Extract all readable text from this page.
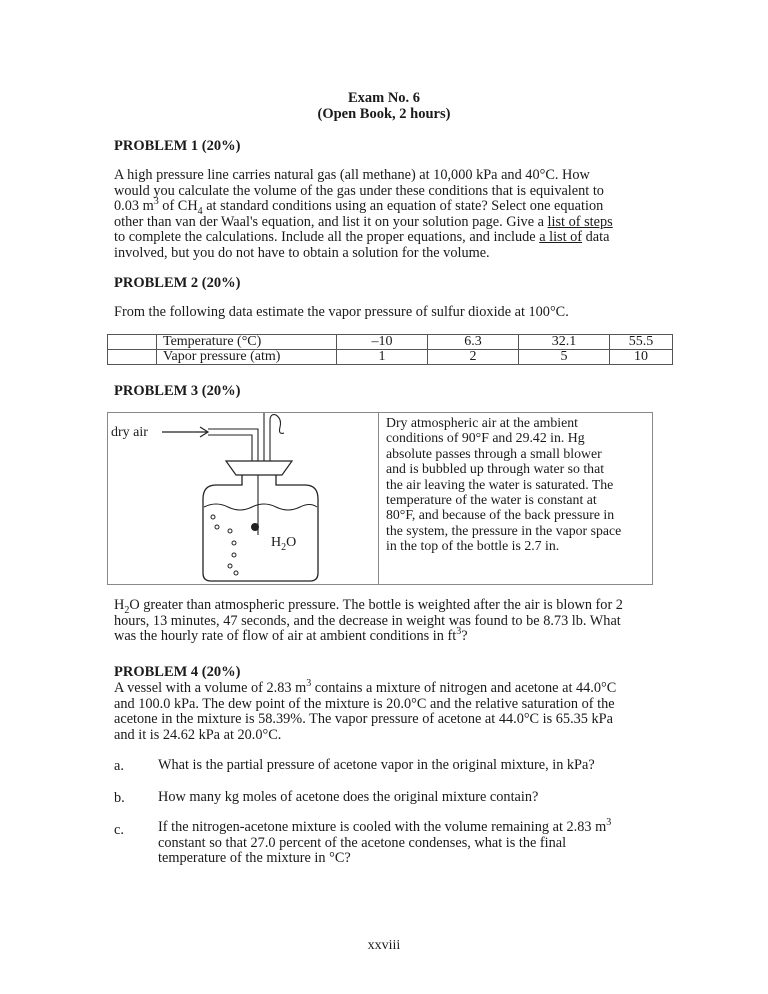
Exam No. 6
(Open Book, 2 hours)
PROBLEM 1 (20%)
A high pressure line carries natural gas (all methane) at 10,000 kPa and 40°C. How
would you calculate the volume of the gas under these conditions that is equivalent to
0.03 $m^3$ of $CH_4$ at standard conditions using an equation of state? Select one equation
other than van der Waal's equation, and list it on your solution page. Give a list of steps
to complete the calculations. Include all the proper equations, and include a list of data
involved, but you do not have to obtain a solution for the volume.
PROBLEM 2 (20%)
From the following data estimate the vapor pressure of sulfur dioxide at 100°C.
	Temperature (°C)	–10	6.3	32.1	55.5
	Vapor pressure (atm)	1	2	5	10
PROBLEM 3 (20%)
dry air
$H_2O$
Dry atmospheric air at the ambient
conditions of 90°F and 29.42 in. Hg
absolute passes through a small blower
and is bubbled up through water so that
the air leaving the water is saturated. The
temperature of the water is constant at
80°F, and because of the back pressure in
the system, the pressure in the vapor space
in the top of the bottle is 2.7 in.
$H_2O$ greater than atmospheric pressure. The bottle is weighted after the air is blown for 2
hours, 13 minutes, 47 seconds, and the decrease in weight was found to be 8.73 lb. What
was the hourly rate of flow of air at ambient conditions in $ft^3$?
PROBLEM 4 (20%)
A vessel with a volume of 2.83 $m^3$ contains a mixture of nitrogen and acetone at 44.0°C
and 100.0 kPa. The dew point of the mixture is 20.0°C and the relative saturation of the
acetone in the mixture is 58.39%. The vapor pressure of acetone at 44.0°C is 65.35 kPa
and it is 24.62 kPa at 20.0°C.
a. What is the partial pressure of acetone vapor in the original mixture, in kPa?
b. How many kg moles of acetone does the original mixture contain?
c. If the nitrogen-acetone mixture is cooled with the volume remaining at 2.83 $m^3$
constant so that 27.0 percent of the acetone condenses, what is the final
temperature of the mixture in °C?
xxviii
